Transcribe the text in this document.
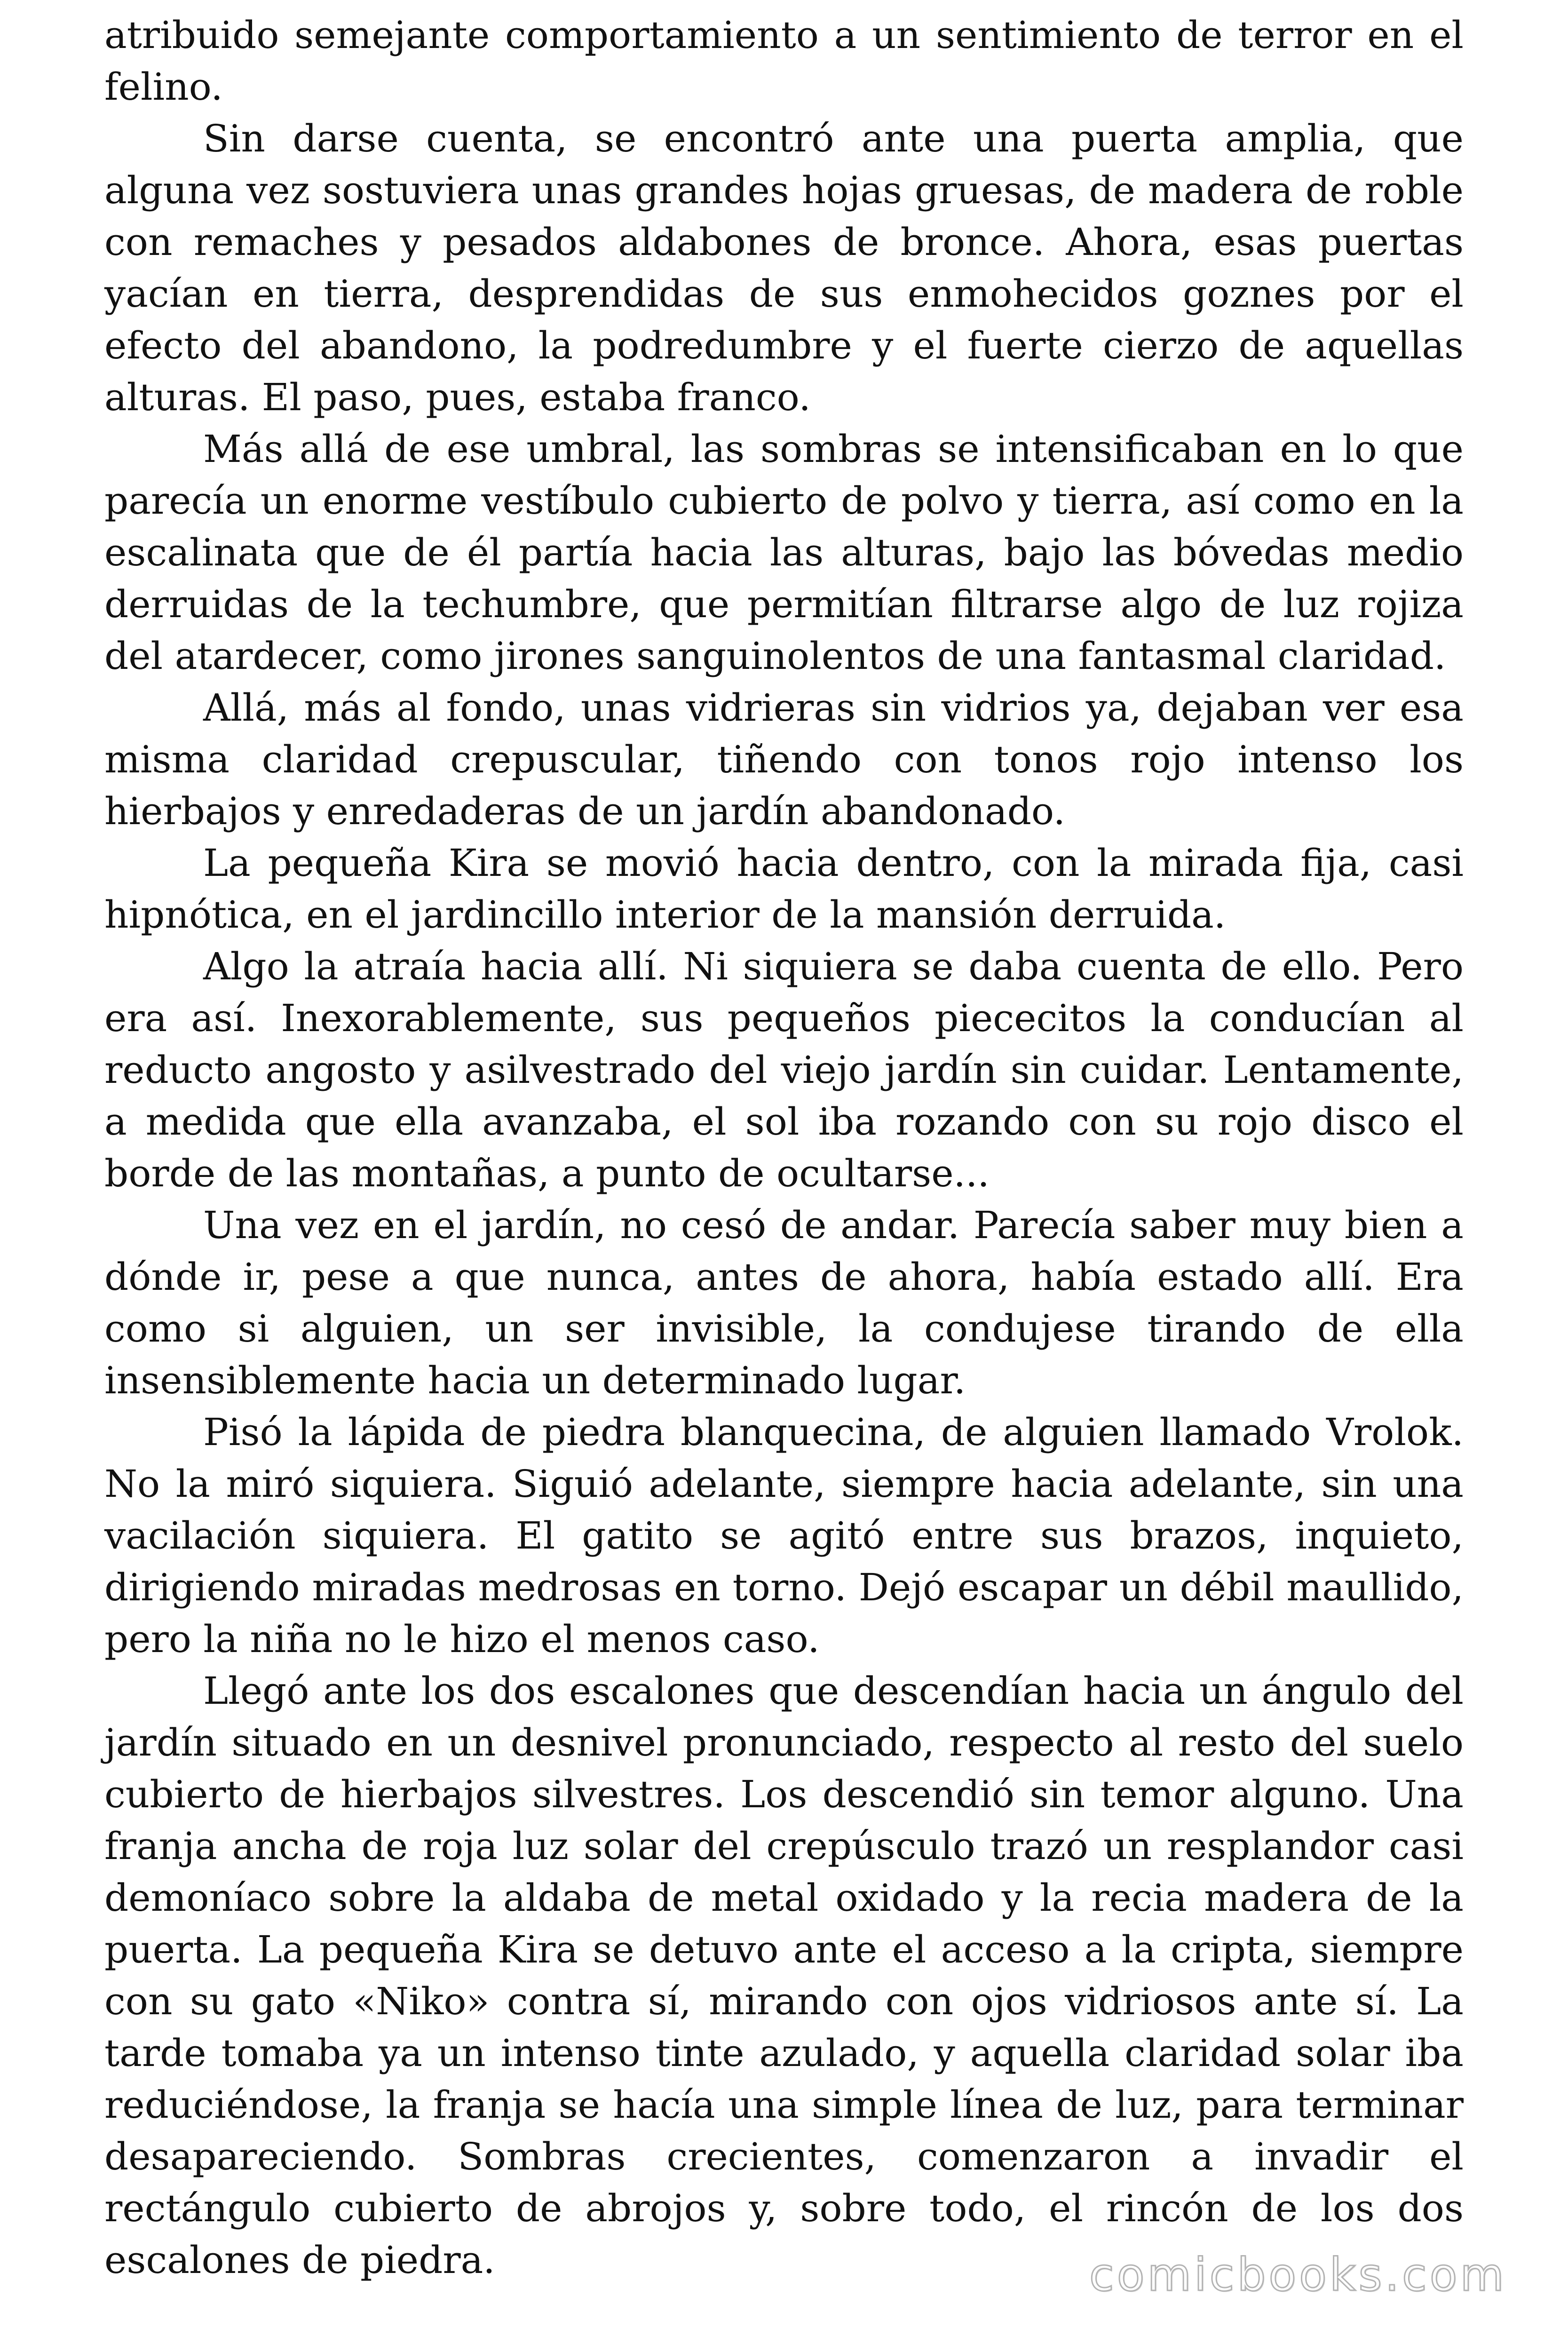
atribuido semejante comportamiento a un sentimiento de terror en el felino.

Sin darse cuenta, se encontró ante una puerta amplia, que alguna vez sostuviera unas grandes hojas gruesas, de madera de roble con remaches y pesados aldabones de bronce. Ahora, esas puertas yacían en tierra, desprendidas de sus enmohecidos goznes por el efecto del abandono, la podredumbre y el fuerte cierzo de aquellas alturas. El paso, pues, estaba franco.

Más allá de ese umbral, las sombras se intensificaban en lo que parecía un enorme vestíbulo cubierto de polvo y tierra, así como en la escalinata que de él partía hacia las alturas, bajo las bóvedas medio derruidas de la techumbre, que permitían filtrarse algo de luz rojiza del atardecer, como jirones sanguinolentos de una fantasmal claridad.

Allá, más al fondo, unas vidrieras sin vidrios ya, dejaban ver esa misma claridad crepuscular, tiñendo con tonos rojo intenso los hierbajos y enredaderas de un jardín abandonado.

La pequeña Kira se movió hacia dentro, con la mirada fija, casi hipnótica, en el jardincillo interior de la mansión derruida.

Algo la atraía hacia allí. Ni siquiera se daba cuenta de ello. Pero era así. Inexorablemente, sus pequeños piececitos la conducían al reducto angosto y asilvestrado del viejo jardín sin cuidar. Lentamente, a medida que ella avanzaba, el sol iba rozando con su rojo disco el borde de las montañas, a punto de ocultarse...

Una vez en el jardín, no cesó de andar. Parecía saber muy bien a dónde ir, pese a que nunca, antes de ahora, había estado allí. Era como si alguien, un ser invisible, la condujese tirando de ella insensiblemente hacia un determinado lugar.

Pisó la lápida de piedra blanquecina, de alguien llamado Vrolok. No la miró siquiera. Siguió adelante, siempre hacia adelante, sin una vacilación siquiera. El gatito se agitó entre sus brazos, inquieto, dirigiendo miradas medrosas en torno. Dejó escapar un débil maullido, pero la niña no le hizo el menos caso.

Llegó ante los dos escalones que descendían hacia un ángulo del jardín situado en un desnivel pronunciado, respecto al resto del suelo cubierto de hierbajos silvestres. Los descendió sin temor alguno. Una franja ancha de roja luz solar del crepúsculo trazó un resplandor casi demoníaco sobre la aldaba de metal oxidado y la recia madera de la puerta. La pequeña Kira se detuvo ante el acceso a la cripta, siempre con su gato «Niko» contra sí, mirando con ojos vidriosos ante sí. La tarde tomaba ya un intenso tinte azulado, y aquella claridad solar iba reduciéndose, la franja se hacía una simple línea de luz, para terminar desapareciendo. Sombras crecientes, comenzaron a invadir el rectángulo cubierto de abrojos y, sobre todo, el rincón de los dos escalones de piedra.	comicbooks.com
